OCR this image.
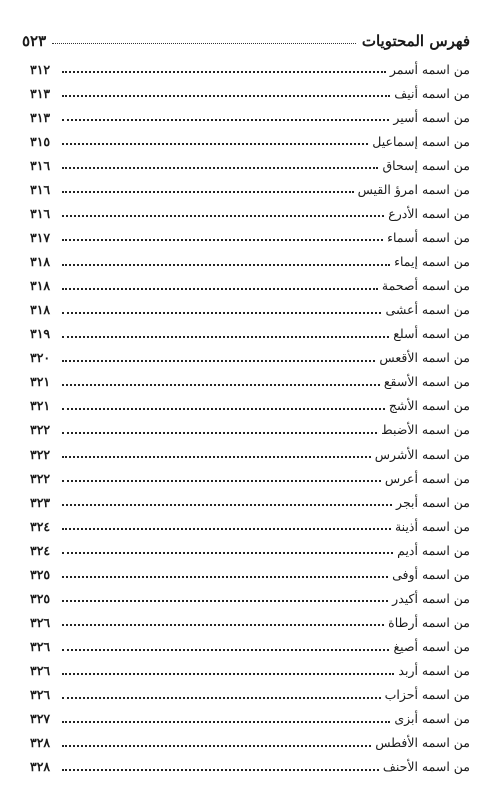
فهرس المحتويات
٥٢٣
من اسمه أسمر
٣١٢
من اسمه أنيف
٣١٣
من اسمه أسير
٣١٣
من اسمه إسماعيل
٣١٥
من اسمه إسحاق
٣١٦
من اسمه امرؤ القيس
٣١٦
من اسمه الأدرع
٣١٦
من اسمه أسماء
٣١٧
من اسمه إيماء
٣١٨
من اسمه أصحمة
٣١٨
من اسمه أعشى
٣١٨
من اسمه أسلع
٣١٩
من اسمه الأقعس
٣٢٠
من اسمه الأسقع
٣٢١
من اسمه الأشج
٣٢١
من اسمه الأضبط
٣٢٢
من اسمه الأشرس
٣٢٢
من اسمه أعرس
٣٢٢
من اسمه أبجر
٣٢٣
من اسمه أذينة
٣٢٤
من اسمه أديم
٣٢٤
من اسمه أوفى
٣٢٥
من اسمه أكيدر
٣٢٥
من اسمه أرطاة
٣٢٦
من اسمه أصيغ
٣٢٦
من اسمه أربد
٣٢٦
من اسمه أحزاب
٣٢٦
من اسمه أبزى
٣٢٧
من اسمه الأفطس
٣٢٨
من اسمه الأحنف
٣٢٨
